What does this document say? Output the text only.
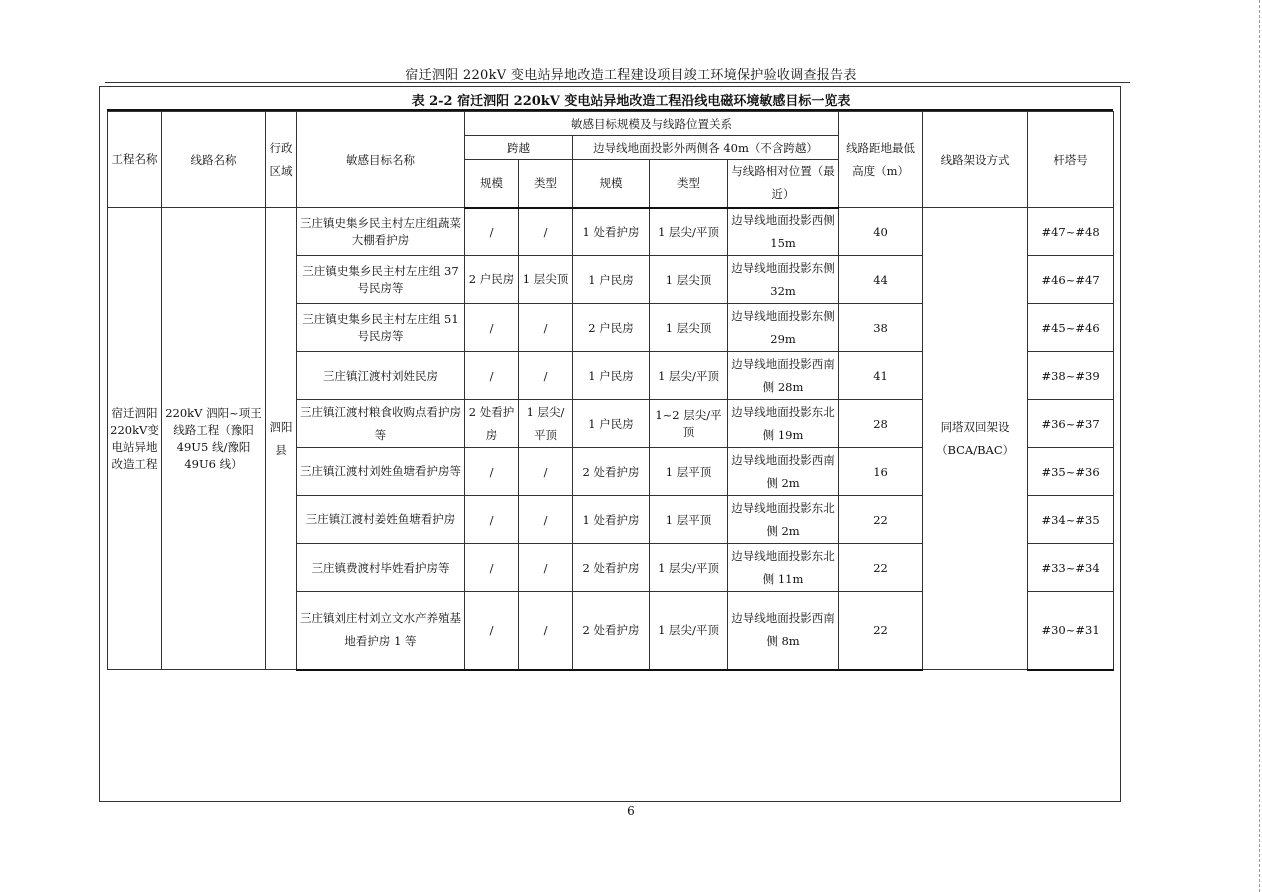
宿迁泗阳 220kV 变电站异地改造工程建设项目竣工环境保护验收调查报告表
表 2-2 宿迁泗阳 220kV 变电站异地改造工程沿线电磁环境敏感目标一览表
工程名称	线路名称	行政区域	敏感目标名称	敏感目标规模及与线路位置关系					线路距地最低高度（m）	线路架设方式	杆塔号
				跨越		边导线地面投影外两侧各 40m（不含跨越）					
				规模	类型	规模	类型	与线路相对位置（最近）			
宿迁泗阳220kV变电站异地改造工程	220kV 泗阳~项王线路工程（豫阳 49U5 线/豫阳 49U6 线）	泗阳县	三庄镇史集乡民主村左庄组蔬菜大棚看护房	/	/	1 处看护房	1 层尖/平顶	边导线地面投影西侧 15m	40	同塔双回架设（BCA/BAC）	#47~#48
			三庄镇史集乡民主村左庄组 37 号民房等	2 户民房	1 层尖顶	1 户民房	1 层尖顶	边导线地面投影东侧 32m	44		#46~#47
			三庄镇史集乡民主村左庄组 51 号民房等	/	/	2 户民房	1 层尖顶	边导线地面投影东侧 29m	38		#45~#46
			三庄镇江渡村刘姓民房	/	/	1 户民房	1 层尖/平顶	边导线地面投影西南侧 28m	41		#38~#39
			三庄镇江渡村粮食收购点看护房等	2 处看护房	1 层尖/平顶	1 户民房	1~2 层尖/平顶	边导线地面投影东北侧 19m	28		#36~#37
			三庄镇江渡村刘姓鱼塘看护房等	/	/	2 处看护房	1 层平顶	边导线地面投影西南侧 2m	16		#35~#36
			三庄镇江渡村姜姓鱼塘看护房	/	/	1 处看护房	1 层平顶	边导线地面投影东北侧 2m	22		#34~#35
			三庄镇费渡村毕姓看护房等	/	/	2 处看护房	1 层尖/平顶	边导线地面投影东北侧 11m	22		#33~#34
			三庄镇刘庄村刘立文水产养殖基地看护房 1 等	/	/	2 处看护房	1 层尖/平顶	边导线地面投影西南侧 8m	22		#30~#31
6
